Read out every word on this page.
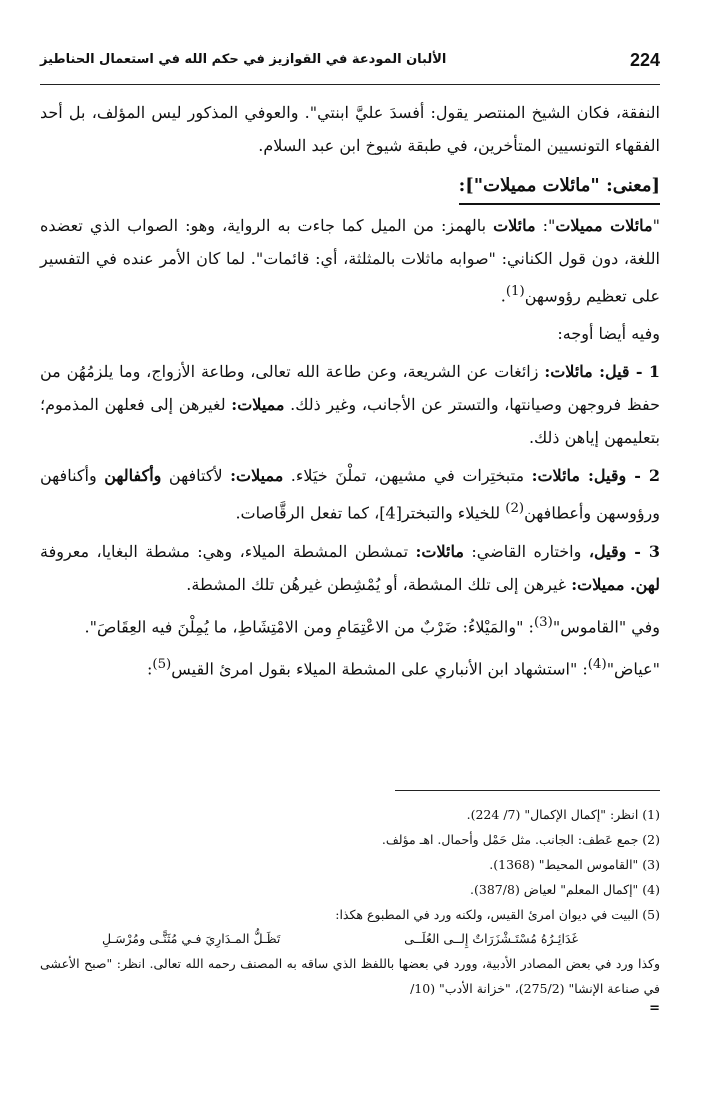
224
الألبان المودعة في القوازيز في حكم الله في استعمال الحناطيز

النفقة، فكان الشيخ المنتصر يقول: أفسدَ عليَّ ابنتي". والعوفي المذكور ليس المؤلف، بل أحد الفقهاء التونسيين المتأخرين، في طبقة شيوخ ابن عبد السلام.

[معنى: "مائلات مميلات"]:

"مائلات مميلات": مائلات بالهمز: من الميل كما جاءت به الرواية، وهو: الصواب الذي تعضده اللغة، دون قول الكناني: "صوابه ماثلات بالمثلثة، أي: قائمات". لما كان الأمر عنده في التفسير على تعظيم رؤوسهن$^{(1)}$.

وفيه أيضا أوجه:

1 - قيل: مائلات: زائغات عن الشريعة، وعن طاعة الله تعالى، وطاعة الأزواج، وما يلزمُهُن من حفظ فروجهن وصيانتها، والتستر عن الأجانب، وغير ذلك. مميلات: لغيرهن إلى فعلهن المذموم؛ بتعليمهن إياهن ذلك.

2 - وقيل: مائلات: متبختِرات في مشيهن، تملْنَ خيَلاء. مميلات: لأكتافهن وأكفالهن وأكنافهن ورؤوسهن وأعطافهن$^{(2)}$ للخيلاء والتبختر[4]، كما تفعل الرقَّاصات.

3 - وقيل، واختاره القاضي: مائلات: تمشطن المشطة الميلاء، وهي: مشطة البغايا، معروفة لهن. مميلات: غيرهن إلى تلك المشطة، أو يُمْشِطن غيرهُن تلك المشطة.

وفي "القاموس"$^{(3)}$: "والمَيْلاءُ: ضَرْبٌ من الاعْتِمَامِ ومن الامْتِشَاطِ، ما يُمِلْنَ فيه العِقَاصَ".

"عياض"$^{(4)}$: "استشهاد ابن الأنباري على المشطة الميلاء بقول امرئ القيس$^{(5)}$:

(1) انظر: "إكمال الإكمال" (7/ 224).

(2) جمع عَطف: الجانب. مثل حَمْل وأحمال. اهـ مؤلف.

(3) "القاموس المحيط" (1368).

(4) "إكمال المعلم" لعياض (387/8).

(5) البيت في ديوان امرئ القيس، ولكنه ورد في المطبوع هكذا:

غَدَائِـرُهُ مُسْتَـشْزَرَاتٌ إِلــى العُلَــى
تَظَـلُّ المـدَارِيَ فـي مُثَنًّـى ومُرْسَـلِ

وكذا ورد في بعض المصادر الأدبية، وورد في بعضها باللفظ الذي ساقه به المصنف رحمه الله تعالى. انظر: "صبح الأعشى في صناعة الإنشا" (275/2)، "خزانة الأدب" (10/

=
